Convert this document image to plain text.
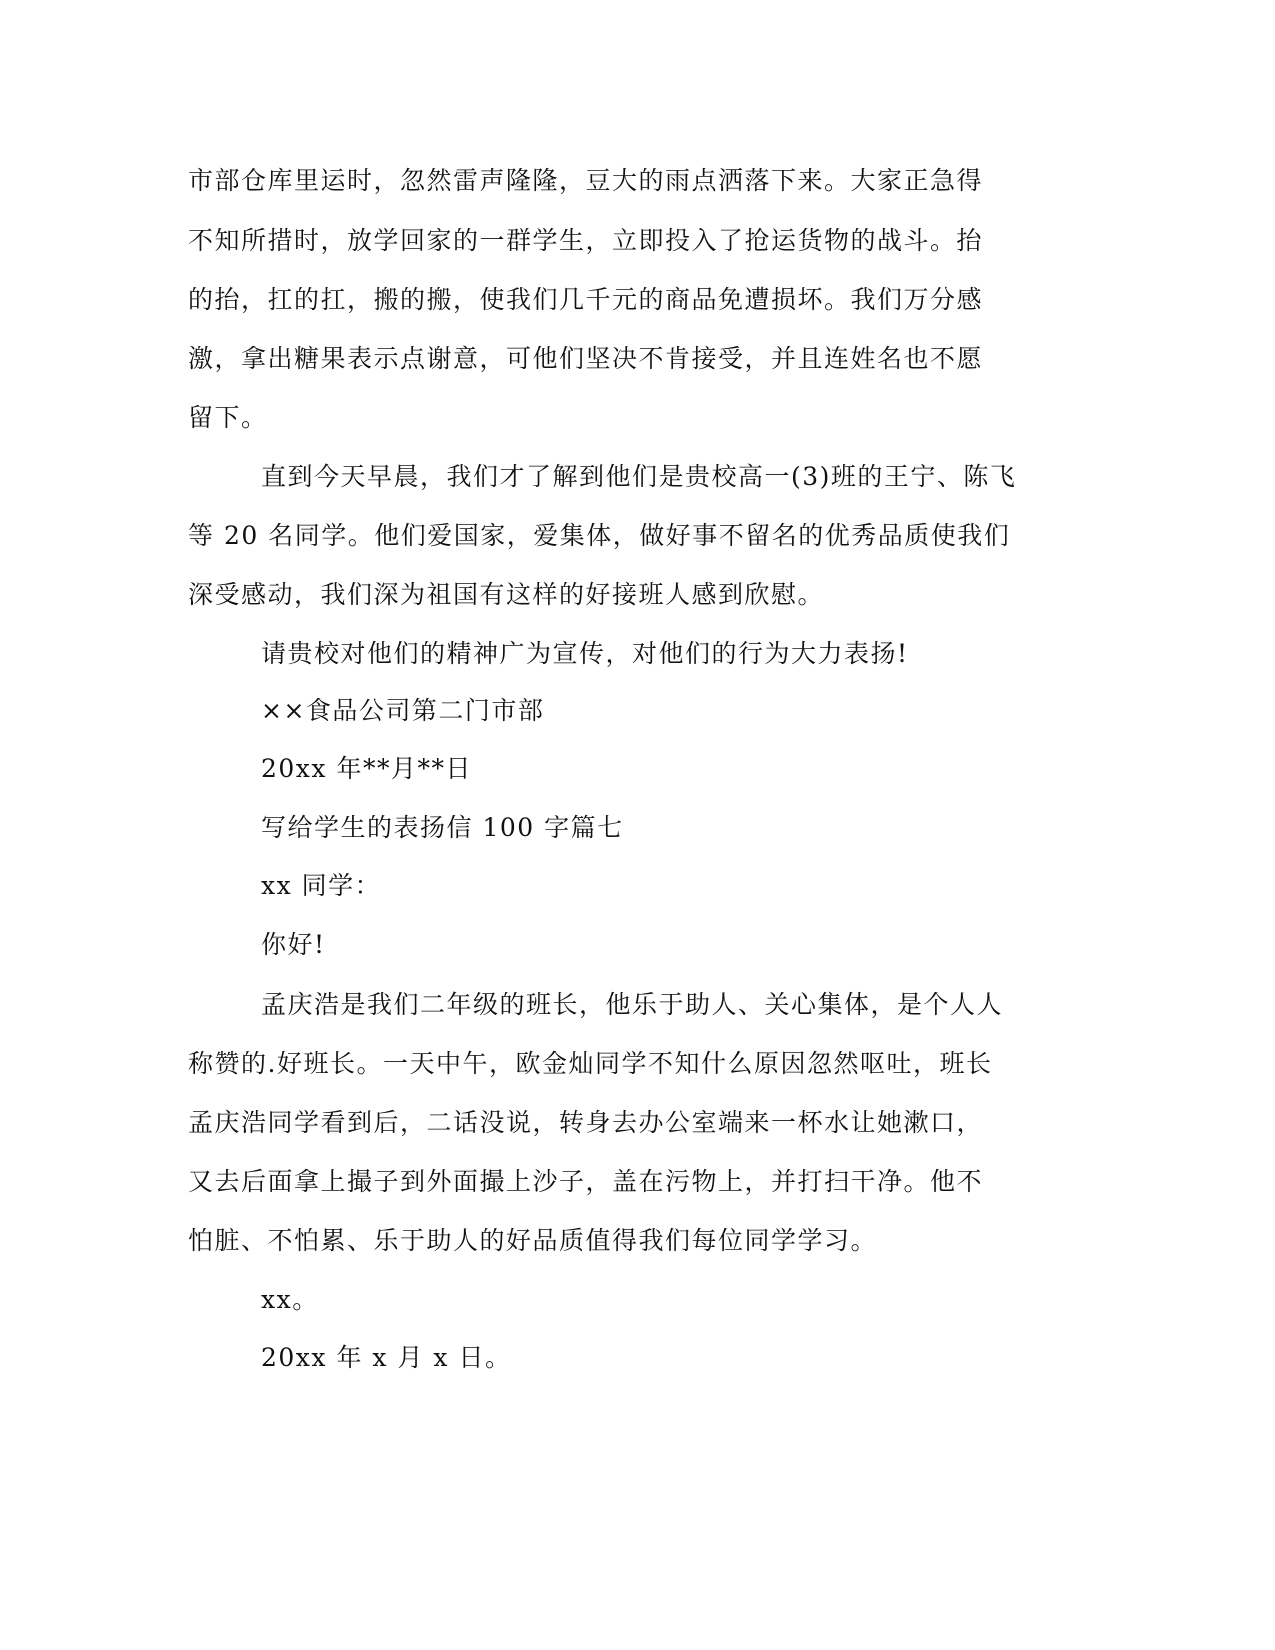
市部仓库里运时，忽然雷声隆隆，豆大的雨点洒落下来。大家正急得
不知所措时，放学回家的一群学生，立即投入了抢运货物的战斗。抬
的抬，扛的扛，搬的搬，使我们几千元的商品免遭损坏。我们万分感
激，拿出糖果表示点谢意，可他们坚决不肯接受，并且连姓名也不愿
留下。
直到今天早晨，我们才了解到他们是贵校高一(3)班的王宁、陈飞
等 20 名同学。他们爱国家，爱集体，做好事不留名的优秀品质使我们
深受感动，我们深为祖国有这样的好接班人感到欣慰。
请贵校对他们的精神广为宣传，对他们的行为大力表扬!
××食品公司第二门市部
20xx 年**月**日
写给学生的表扬信 100 字篇七
xx 同学：
你好!
孟庆浩是我们二年级的班长，他乐于助人、关心集体，是个人人
称赞的.好班长。一天中午，欧金灿同学不知什么原因忽然呕吐，班长
孟庆浩同学看到后，二话没说，转身去办公室端来一杯水让她漱口，
又去后面拿上撮子到外面撮上沙子，盖在污物上，并打扫干净。他不
怕脏、不怕累、乐于助人的好品质值得我们每位同学学习。
xx。
20xx 年 x 月 x 日。
